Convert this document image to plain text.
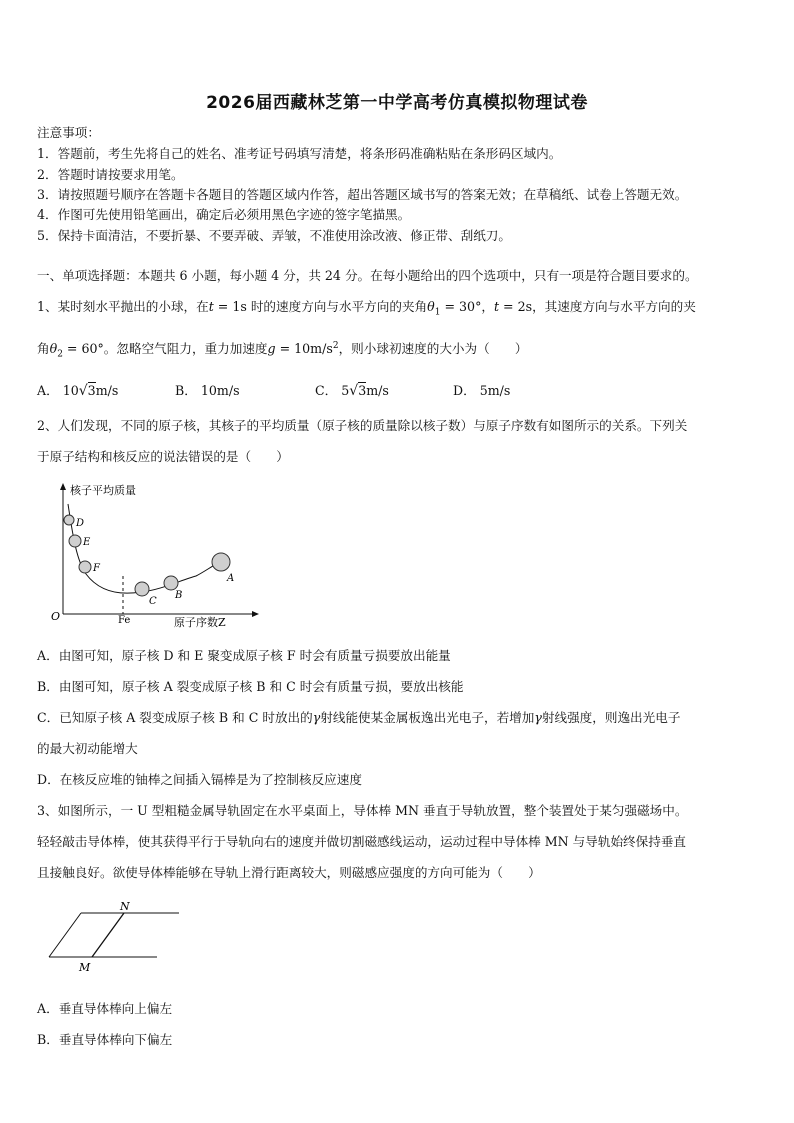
2026届西藏林芝第一中学高考仿真模拟物理试卷
注意事项：
1．答题前，考生先将自己的姓名、准考证号码填写清楚，将条形码准确粘贴在条形码区域内。
2．答题时请按要求用笔。
3．请按照题号顺序在答题卡各题目的答题区域内作答，超出答题区域书写的答案无效；在草稿纸、试卷上答题无效。
4．作图可先使用铅笔画出，确定后必须用黑色字迹的签字笔描黑。
5．保持卡面清洁，不要折暴、不要弄破、弄皱，不准使用涂改液、修正带、刮纸刀。
一、单项选择题：本题共 6 小题，每小题 4 分，共 24 分。在每小题给出的四个选项中，只有一项是符合题目要求的。
1、某时刻水平抛出的小球，在t = 1s 时的速度方向与水平方向的夹角$\theta_1 = 30^\circ$，t = 2s，其速度方向与水平方向的夹
角$\theta_2 = 60^\circ$。忽略空气阻力，重力加速度$g = 10m/s^2$，则小球初速度的大小为（　　）
A． 10√3m/s	B． 10m/s	C． 5√3m/s	D． 5m/s
2、人们发现，不同的原子核，其核子的平均质量（原子核的质量除以核子数）与原子序数有如图所示的关系。下列关
于原子结构和核反应的说法错误的是（　　）
核子平均质量
原子序数Z
O	Fe
D
E
F
C
B
A
A．由图可知，原子核 D 和 E 聚变成原子核 F 时会有质量亏损要放出能量
B．由图可知，原子核 A 裂变成原子核 B 和 C 时会有质量亏损，要放出核能
C．已知原子核 A 裂变成原子核 B 和 C 时放出的γ射线能使某金属板逸出光电子，若增加γ射线强度，则逸出光电子
的最大初动能增大
D．在核反应堆的铀棒之间插入镉棒是为了控制核反应速度
3、如图所示，一 U 型粗糙金属导轨固定在水平桌面上，导体棒 MN 垂直于导轨放置，整个装置处于某匀强磁场中。
轻轻敲击导体棒，使其获得平行于导轨向右的速度并做切割磁感线运动，运动过程中导体棒 MN 与导轨始终保持垂直
且接触良好。欲使导体棒能够在导轨上滑行距离较大，则磁感应强度的方向可能为（　　）
N
M
A．垂直导体棒向上偏左
B．垂直导体棒向下偏左
